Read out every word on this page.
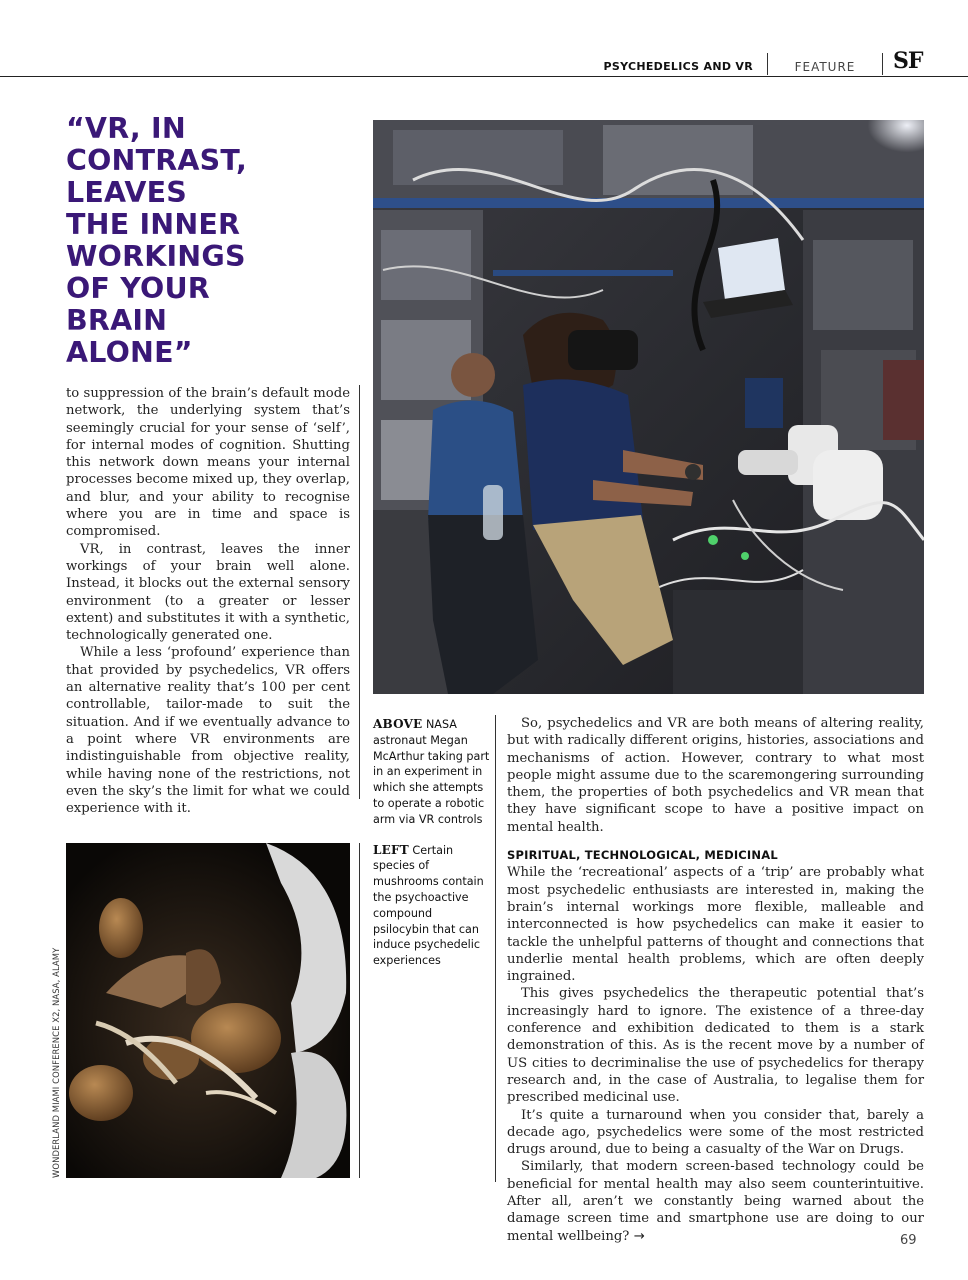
PSYCHEDELICS AND VR	FEATURE	SF
“VR, IN
CONTRAST,
LEAVES
THE INNER
WORKINGS
OF YOUR
BRAIN
ALONE”

to suppression of the brain’s default mode network, the underlying system that’s seemingly crucial for your sense of ‘self’, for internal modes of cognition. Shutting this network down means your internal processes become mixed up, they overlap, and blur, and your ability to recognise where you are in time and space is compromised.

VR, in contrast, leaves the inner workings of your brain well alone. Instead, it blocks out the external sensory environment (to a greater or lesser extent) and substitutes it with a synthetic, technologically generated one.

While a less ‘profound’ experience than that provided by psychedelics, VR offers an alternative reality that’s 100 per cent controllable, tailor-made to suit the situation. And if we eventually advance to a point where VR environments are indistinguishable from objective reality, while having none of the restrictions, not even the sky’s the limit for what we could experience with it.

ABOVE NASA astronaut Megan McArthur taking part in an experiment in which she attempts to operate a robotic arm via VR controls

LEFT Certain species of mushrooms contain the psychoactive compound psilocybin that can induce psychedelic experiences

So, psychedelics and VR are both means of altering reality, but with radically different origins, histories, associations and mechanisms of action. However, contrary to what most people might assume due to the scaremongering surrounding them, the properties of both psychedelics and VR mean that they have significant scope to have a positive impact on mental health.

SPIRITUAL, TECHNOLOGICAL, MEDICINAL

While the ‘recreational’ aspects of a ‘trip’ are probably what most psychedelic enthusiasts are interested in, making the brain’s internal workings more flexible, malleable and interconnected is how psychedelics can make it easier to tackle the unhelpful patterns of thought and connections that underlie mental health problems, which are often deeply ingrained.

This gives psychedelics the therapeutic potential that’s increasingly hard to ignore. The existence of a three-day conference and exhibition dedicated to them is a stark demonstration of this. As is the recent move by a number of US cities to decriminalise the use of psychedelics for therapy research and, in the case of Australia, to legalise them for prescribed medicinal use.

It’s quite a turnaround when you consider that, barely a decade ago, psychedelics were some of the most restricted drugs around, due to being a casualty of the War on Drugs.

Similarly, that modern screen-based technology could be beneficial for mental health may also seem counterintuitive. After all, aren’t we constantly being warned about the damage screen time and smartphone use are doing to our mental wellbeing? →

WONDERLAND MIAMI CONFERENCE X2, NASA, ALAMY
69
